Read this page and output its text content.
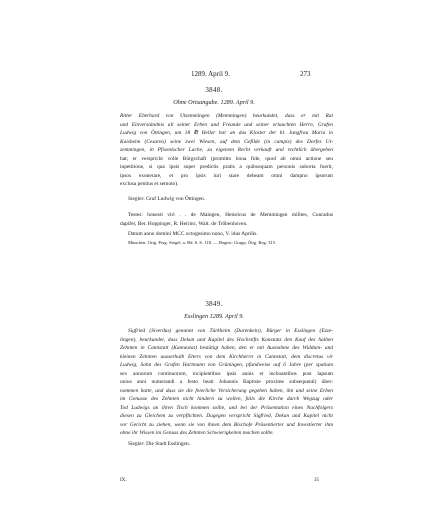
1289. April 9.	273
3848.
Ohne Ortsangabe. 1289. April 9.
Ritter Eberhard von Utzemmingen (Memmingen) beurkundet, dass er mit Rat
und Einverständnis all seiner Erben und Freunde und seiner erlauchten Herrn, Grafen
Ludwig von Öttingen, um 18 ℔ Heller bar an das Kloster der hl. Jungfrau Maria in
Kaisheim (Cesarea) seine zwei Wiesen, auf dem Gefilde (in campis) des Dorfes Ut-
zemmingen, in Pfisenlocher Lache, zu eigenem Recht verkauft und rechtlich übergeben
hat; er verspricht volle Bürgschaft (promitto bona fide, quod ab omni actione seu
inpetitione, si qua ipsis super predictis pratis a quibusquam personis suborta fuerit,
ipsos exonerare, et pro ipsis iuri stare debeam omni dampno ipsorum
exclusa penitus et semoto).
Siegler: Graf Ludwig von Öttingen.
Testes: honesti viri . . de Maingen, Heinricus de Memmingen milites, Cunradus
dapifer, Ber. Hoppinger, R. Heirinc, Walt. de Tröbenhoven.
Datum anno domini MCC octogesimo nono, V. idus Aprilis.
München. Orig. Perg. Siegel, a. Bd. 6, S. 118. — Regest: Grupp, Öttg. Reg. 315.
3849.
Esslingen 1289. April 9.
Sigfried (Siverdus) genannt von Türkheim (Durenkein), Bürger in Esslingen (Ezze-
lingen), beurkundet, dass Dekan und Kapitel des Hochstifts Konstanz den Kauf des halben
Zehnten in Cannstatt (Kannestat) bestätigt haben, den er mit Ausnahme des Widdum- und
kleinen Zehnten ausserhalb Etters von dem Kirchherrn in Cannstatt, dem discretus vir
Ludwig, Sohn des Grafen Hartmann von Grüningen, pfandweise auf 6 Jahre (per spatium
sex annorum continuorum, incipientibus ipsis annis et inchoantibus post lapsum
unius anni numerandi a festo beati Johannis Baptiste proxime subsequenti) über-
nommen hatte, und dass sie die feierliche Versicherung gegeben haben, ihn und seine Erben
im Genusse des Zehnten nicht hindern zu wollen, falls die Kirche durch Wegzug oder
Tod Ludwigs an ihren Tisch kommen sollte, und bei der Präsentation eines Nachfolgers
diesen zu Gleichem zu verpflichten. Dagegen verspricht Sigfried, Dekan und Kapitel nicht
vor Gericht zu ziehen, wenn sie von ihnen dem Bischofe Präsentierter und Investierter ihm
ohne ihr Wissen im Genuss des Zehnten Schwierigkeiten machen sollte.
Siegler: Die Stadt Esslingen.
IX.	35
